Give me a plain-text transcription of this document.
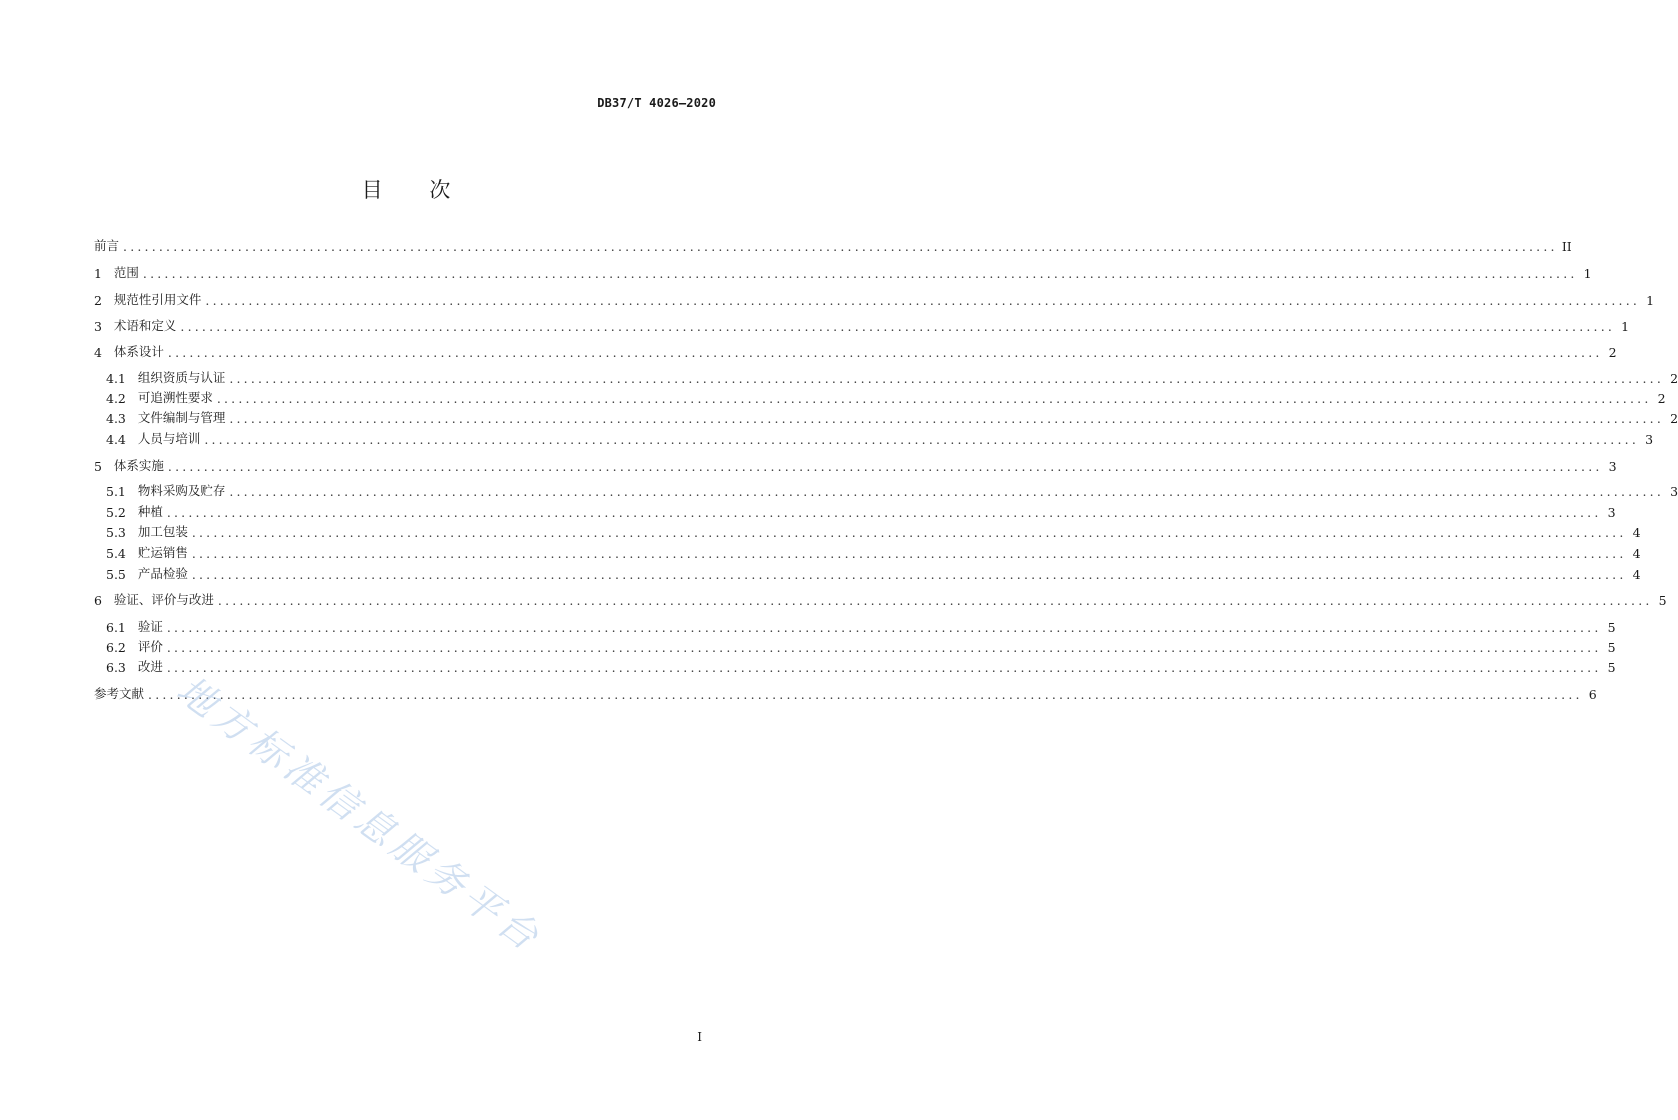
DB37/T 4026—2020
目 次
前言 ........................................................................................................................................................................................................ II
1 范围 ........................................................................................................................................................................................................ 1
2 规范性引用文件 ........................................................................................................................................................................................................ 1
3 术语和定义 ........................................................................................................................................................................................................ 1
4 体系设计 ........................................................................................................................................................................................................ 2
4.1 组织资质与认证 ........................................................................................................................................................................................................ 2
4.2 可追溯性要求 ........................................................................................................................................................................................................ 2
4.3 文件编制与管理 ........................................................................................................................................................................................................ 2
4.4 人员与培训 ........................................................................................................................................................................................................ 3
5 体系实施 ........................................................................................................................................................................................................ 3
5.1 物料采购及贮存 ........................................................................................................................................................................................................ 3
5.2 种植 ........................................................................................................................................................................................................ 3
5.3 加工包装 ........................................................................................................................................................................................................ 4
5.4 贮运销售 ........................................................................................................................................................................................................ 4
5.5 产品检验 ........................................................................................................................................................................................................ 4
6 验证、评价与改进 ........................................................................................................................................................................................................ 5
6.1 验证 ........................................................................................................................................................................................................ 5
6.2 评价 ........................................................................................................................................................................................................ 5
6.3 改进 ........................................................................................................................................................................................................ 5
参考文献 ........................................................................................................................................................................................................ 6
地方标准信息服务平台
I
